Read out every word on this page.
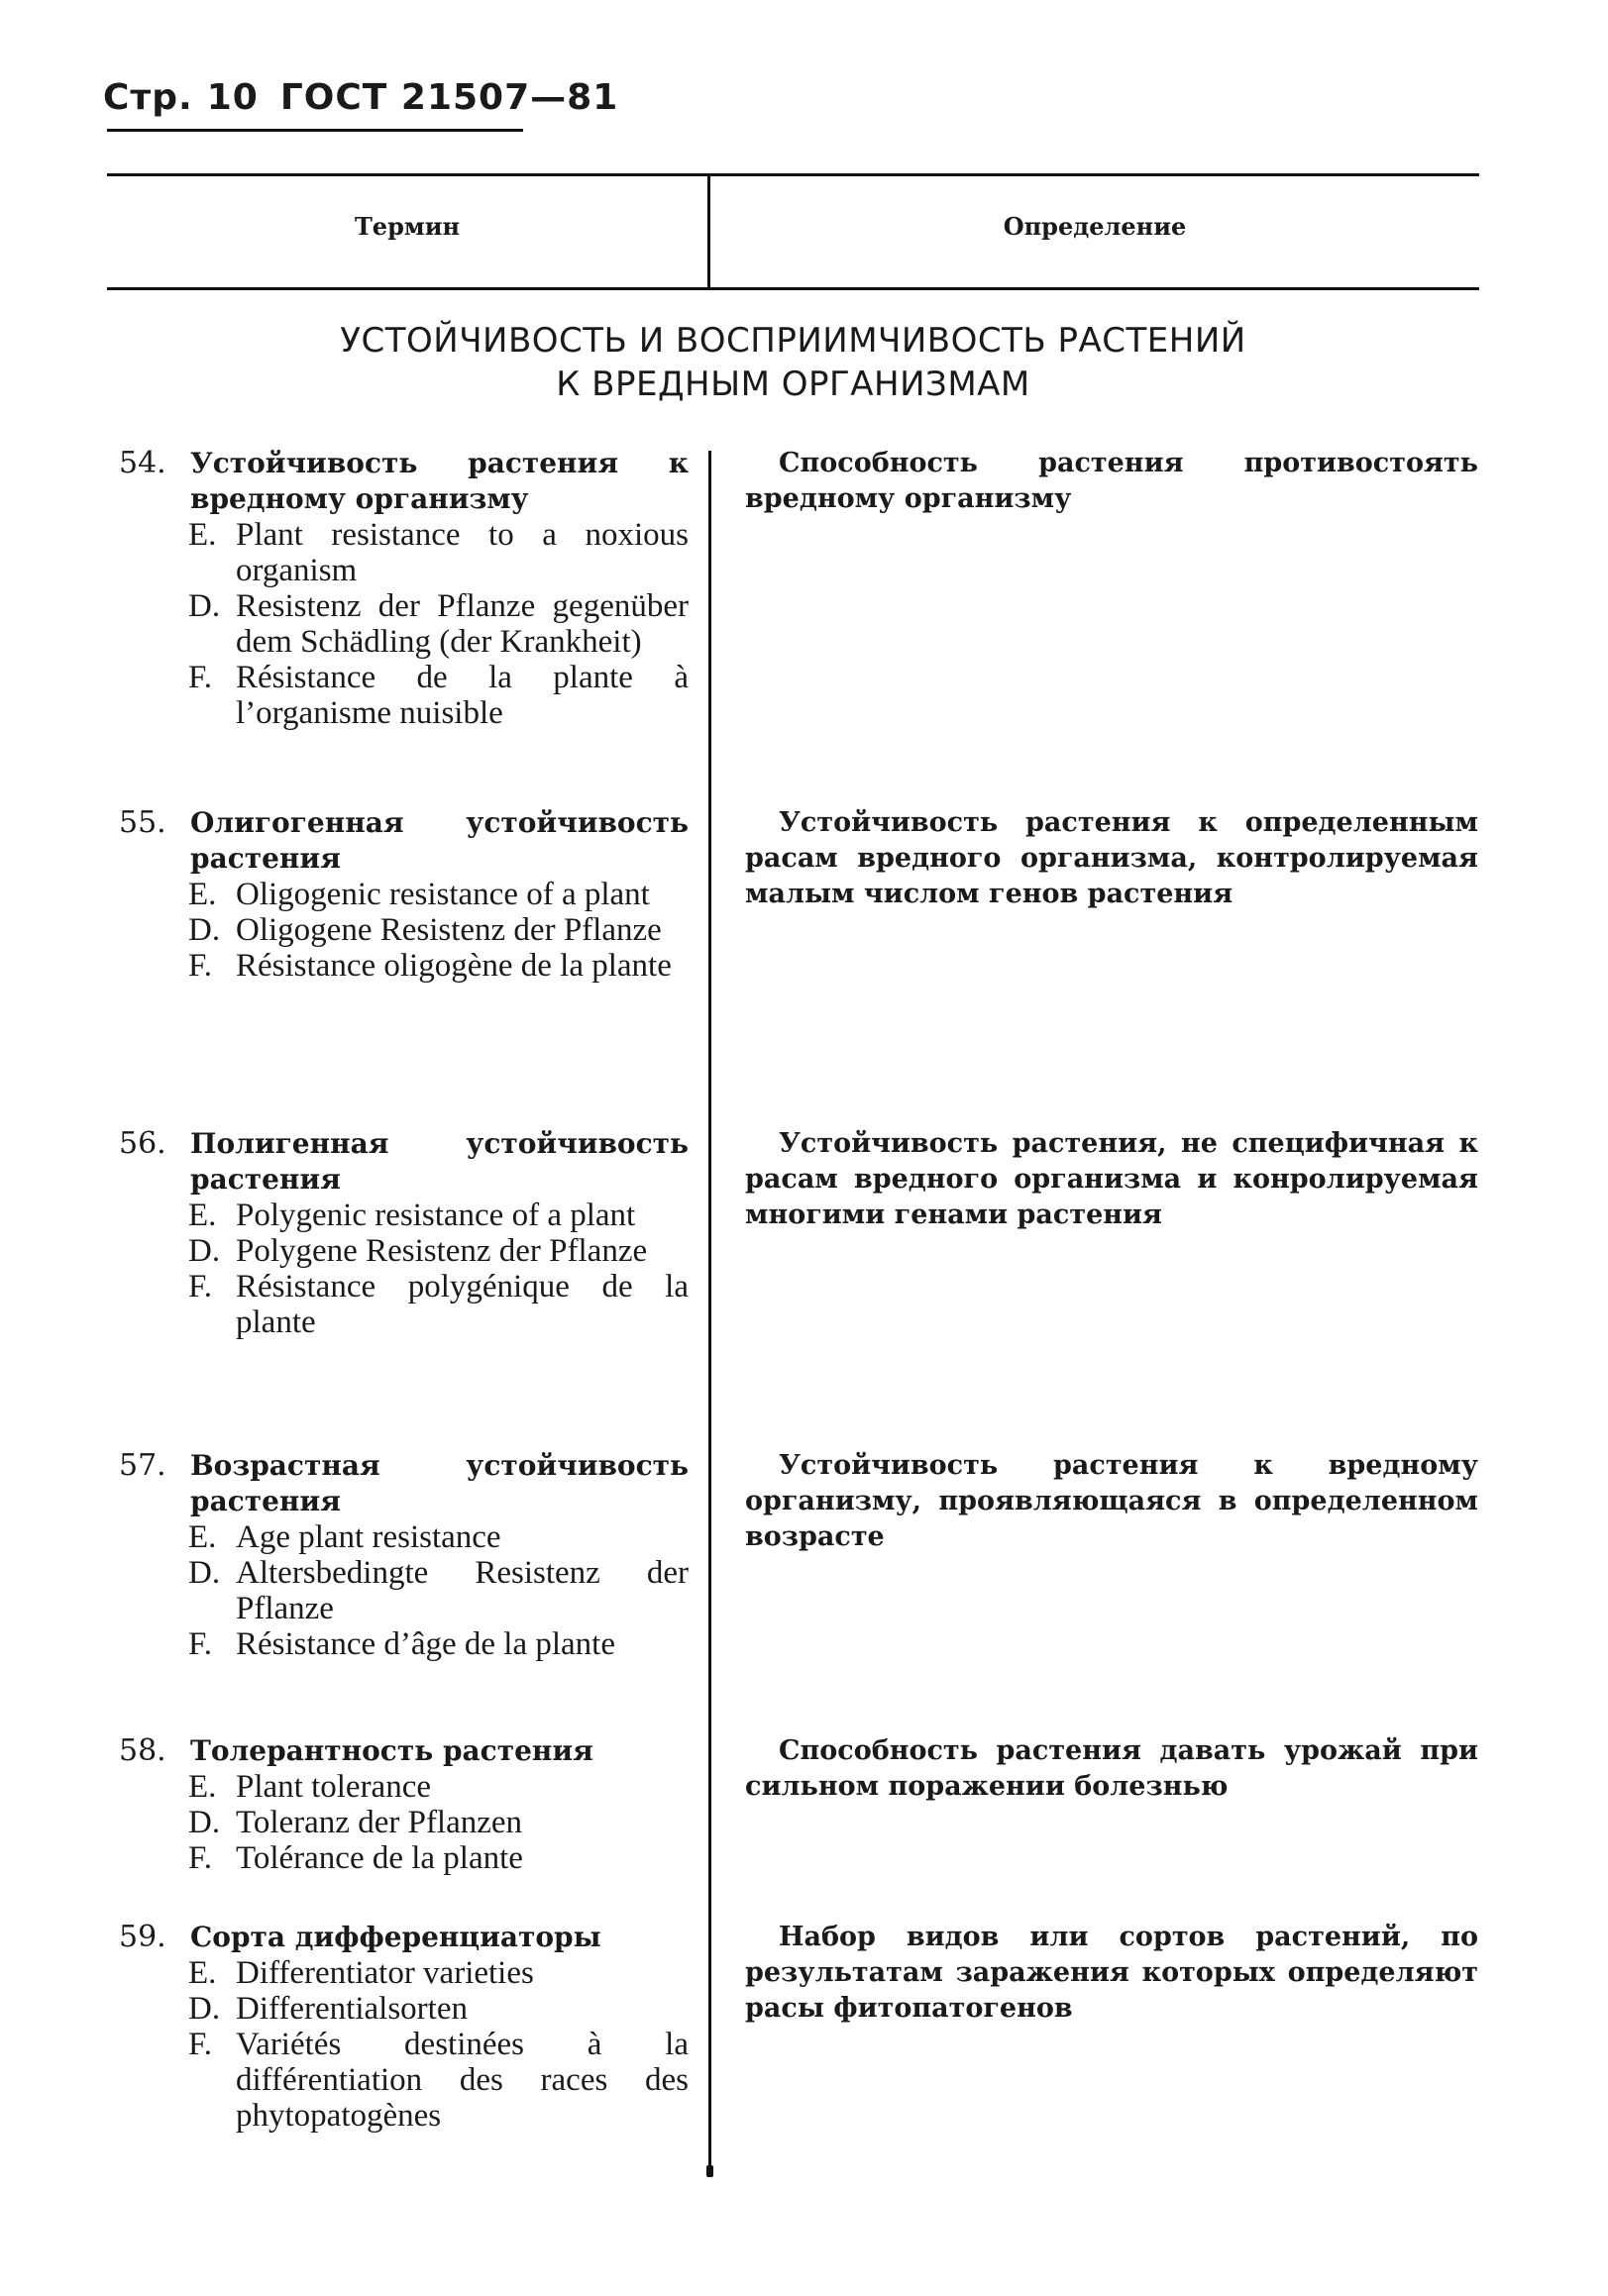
Стр. 10 ГОСТ 21507—81
Термин	Определение
УСТОЙЧИВОСТЬ И ВОСПРИИМЧИВОСТЬ РАСТЕНИЙ
К ВРЕДНЫМ ОРГАНИЗМАМ
54. Устойчивость растения к вредному организму
E. Plant resistance to a noxious organism
D. Resistenz der Pflanze gegenüber dem Schädling (der Krankheit)
F. Résistance de la plante à l’organisme nuisible
Способность растения противостоять вредному организму
55. Олигогенная устойчивость растения
E. Oligogenic resistance of a plant
D. Oligogene Resistenz der Pflanze
F. Résistance oligogène de la plante
Устойчивость растения к определенным расам вредного организма, контролируемая малым числом генов растения
56. Полигенная устойчивость растения
E. Polygenic resistance of a plant
D. Polygene Resistenz der Pflanze
F. Résistance polygénique de la plante
Устойчивость растения, не специфичная к расам вредного организма и конролируемая многими генами растения
57. Возрастная устойчивость растения
E. Age plant resistance
D. Altersbedingte Resistenz der Pflanze
F. Résistance d’âge de la plante
Устойчивость растения к вредному организму, проявляющаяся в определенном возрасте
58. Толерантность растения
E. Plant tolerance
D. Toleranz der Pflanzen
F. Tolérance de la plante
Способность растения давать урожай при сильном поражении болезнью
59. Сорта дифференциаторы
E. Differentiator varieties
D. Differentialsorten
F. Variétés destinées à la différentiation des races des phytopatogènes
Набор видов или сортов растений, по результатам заражения которых определяют расы фитопатогенов
